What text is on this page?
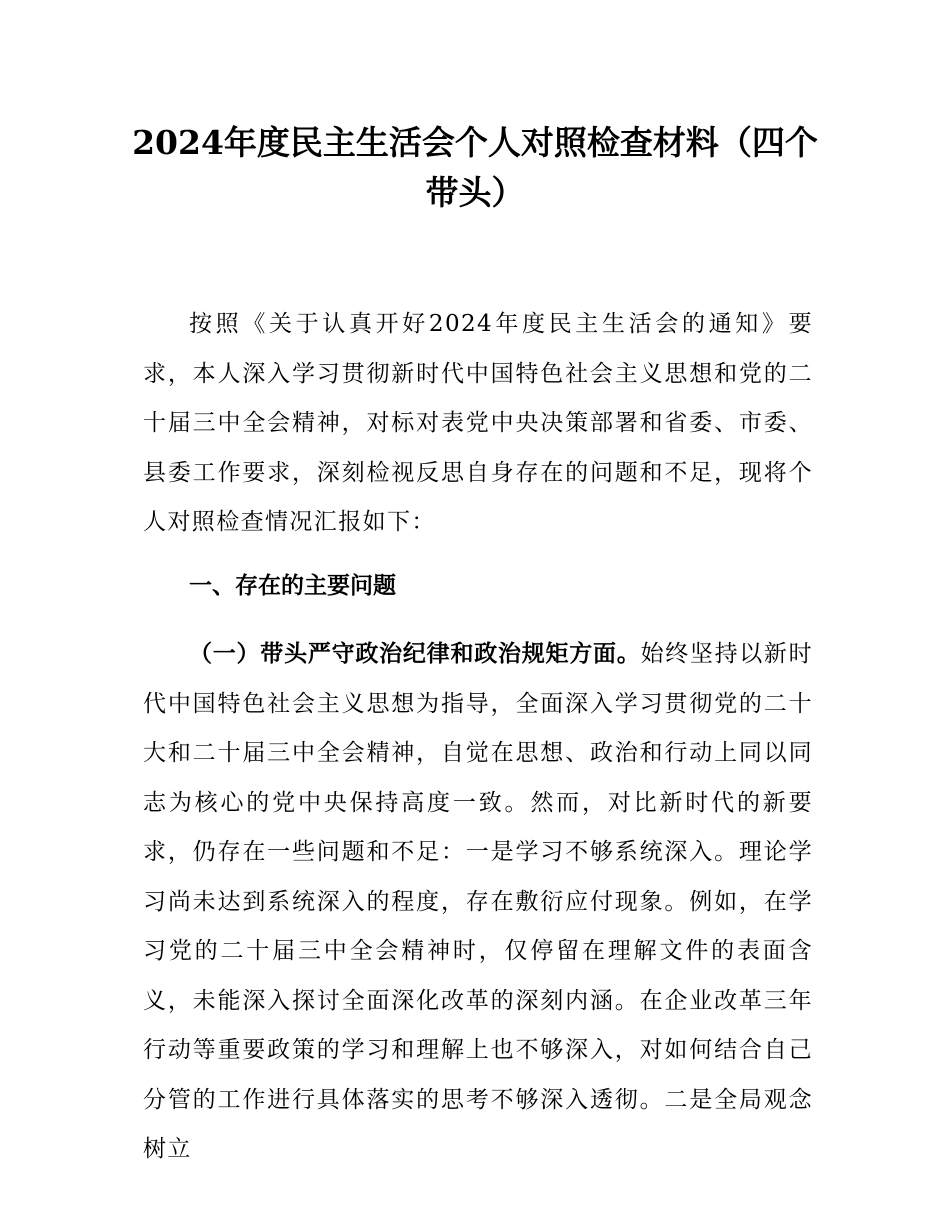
2024年度民主生活会个人对照检查材料（四个带头）

按照《关于认真开好2024年度民主生活会的通知》要求，本人深入学习贯彻新时代中国特色社会主义思想和党的二十届三中全会精神，对标对表党中央决策部署和省委、市委、县委工作要求，深刻检视反思自身存在的问题和不足，现将个人对照检查情况汇报如下：

一、存在的主要问题

（一）带头严守政治纪律和政治规矩方面。始终坚持以新时代中国特色社会主义思想为指导，全面深入学习贯彻党的二十大和二十届三中全会精神，自觉在思想、政治和行动上同以同志为核心的党中央保持高度一致。然而，对比新时代的新要求，仍存在一些问题和不足：一是学习不够系统深入。理论学习尚未达到系统深入的程度，存在敷衍应付现象。例如，在学习党的二十届三中全会精神时，仅停留在理解文件的表面含义，未能深入探讨全面深化改革的深刻内涵。在企业改革三年行动等重要政策的学习和理解上也不够深入，对如何结合自己分管的工作进行具体落实的思考不够深入透彻。二是全局观念树立
